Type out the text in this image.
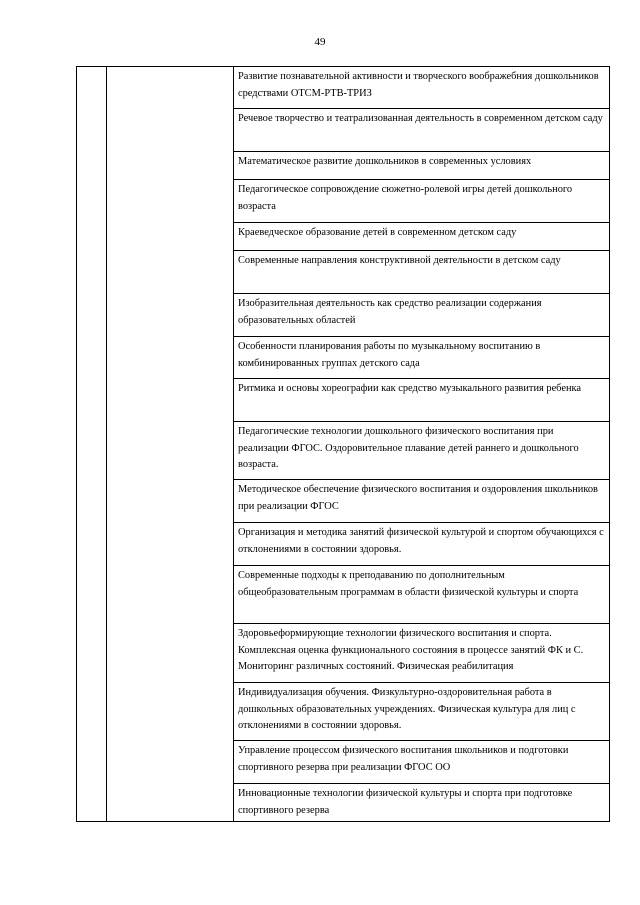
49
Развитие познавательной активности и творческого воображебния дошкольников средствами ОТСМ-РТВ-ТРИЗ
Речевое творчество и театрализованная деятельность в современном детском саду
Математическое развитие дошкольников в современных условиях
Педагогическое сопровождение сюжетно-ролевой игры детей дошкольного возраста
Краеведческое образование детей в современном детском саду
Современные направления конструктивной деятельности в детском саду
Изобразительная деятельность как средство реализации содержания образовательных областей
Особенности планирования работы по музыкальному воспитанию в комбинированных группах детского сада
Ритмика и основы хореографии как средство музыкального развития ребенка
Педагогические технологии дошкольного физического воспитания при реализации ФГОС. Оздоровительное плавание детей раннего и дошкольного возраста.
Методическое обеспечение физического воспитания и оздоровления школьников при реализации ФГОС
Организация и методика занятий физической культурой и спортом обучающихся с отклонениями в состоянии здоровья.
Современные подходы к преподаванию по дополнительным общеобразовательным программам в области физической культуры и спорта
Здоровьеформирующие технологии физического воспитания и спорта. Комплексная оценка функционального состояния в процессе занятий ФК и С. Мониторинг различных состояний. Физическая реабилитация
Индивидуализация обучения. Физкультурно-оздоровительная работа в дошкольных образовательных учреждениях. Физическая культура для лиц с отклонениями в состоянии здоровья.
Управление процессом физического воспитания школьников и подготовки спортивного резерва при реализации ФГОС ОО
Инновационные технологии физической культуры и спорта при подготовке спортивного резерва
